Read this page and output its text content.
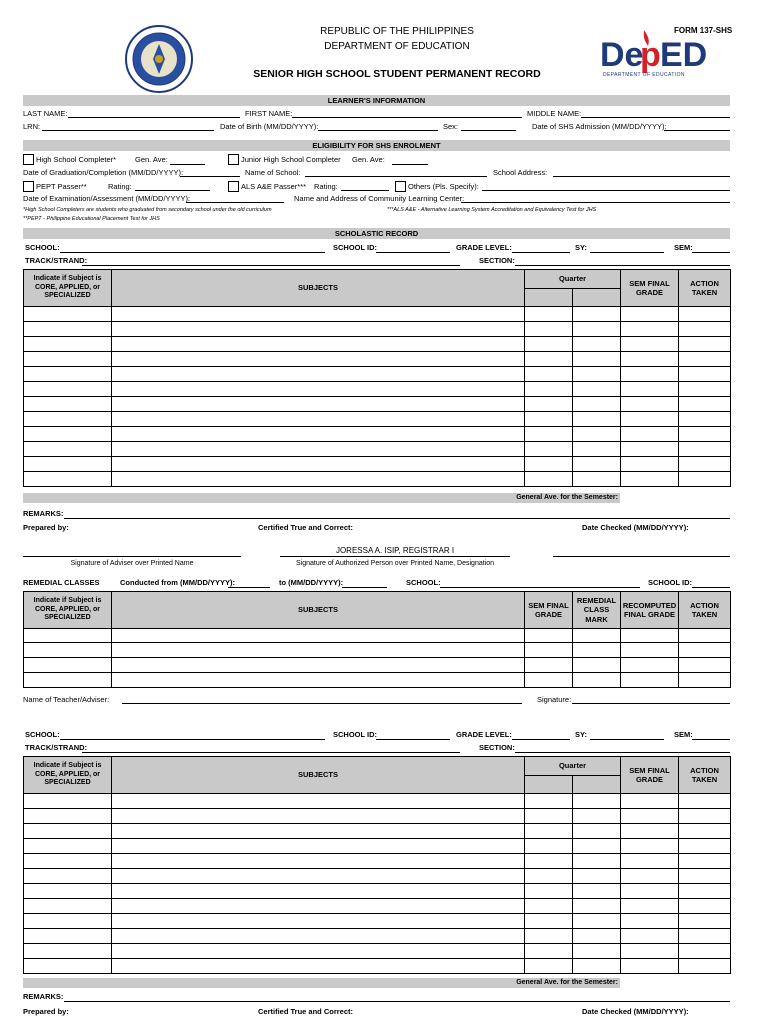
REPUBLIC OF THE PHILIPPINES
DEPARTMENT OF EDUCATION
SENIOR HIGH SCHOOL STUDENT PERMANENT RECORD
FORM 137-SHS
De
p ED
DEPARTMENT OF EDUCATION
LEARNER'S INFORMATION
LAST NAME:	FIRST NAME:	MIDDLE NAME:
LRN:	Date of Birth (MM/DD/YYYY):	Sex:	Date of SHS Admission (MM/DD/YYYY):
ELIGIBILITY FOR SHS ENROLMENT
High School Completer*	Gen. Ave:	Junior High School Completer Gen. Ave:
Date of Graduation/Completion (MM/DD/YYYY):	Name of School:	School Address:
PEPT Passer**	Rating:	ALS A&E Passer*** Rating:	Others (Pls. Specify):
Date of Examination/Assessment (MM/DD/YYYY):	Name and Address of Community Learning Center:
*High School Completers are students who graduated from secondary school under the old curriculum	***ALS A&E - Alternative Learning System Accreditation and Equivalency Test for JHS
**PEPT - Philippine Educational Placement Test for JHS
SCHOLASTIC RECORD
SCHOOL:	SCHOOL ID:	GRADE LEVEL:	SY:	SEM:
TRACK/STRAND:	SECTION:
Indicate if Subject is CORE, APPLIED, or SPECIALIZED	SUBJECTS	Quarter		SEM FINAL GRADE	ACTION TAKEN

General Ave. for the Semester:
REMARKS:
Prepared by:	Certified True and Correct:	Date Checked (MM/DD/YYYY):
Signature of Adviser over Printed Name
JORESSA A. ISIP, REGISTRAR I
Signature of Authorized Person over Printed Name, Designation
REMEDIAL CLASSES	Conducted from (MM/DD/YYYY):	to (MM/DD/YYYY):	SCHOOL:	SCHOOL ID:
Indicate if Subject is CORE, APPLIED, or SPECIALIZED	SUBJECTS	SEM FINAL GRADE	REMEDIAL CLASS MARK	RECOMPUTED FINAL GRADE	ACTION TAKEN

Name of Teacher/Adviser:	Signature:
SCHOOL:	SCHOOL ID:	GRADE LEVEL:	SY:	SEM:
TRACK/STRAND:	SECTION:
Indicate if Subject is CORE, APPLIED, or SPECIALIZED	SUBJECTS	Quarter		SEM FINAL GRADE	ACTION TAKEN

General Ave. for the Semester:
REMARKS:
Prepared by:	Certified True and Correct:	Date Checked (MM/DD/YYYY):
